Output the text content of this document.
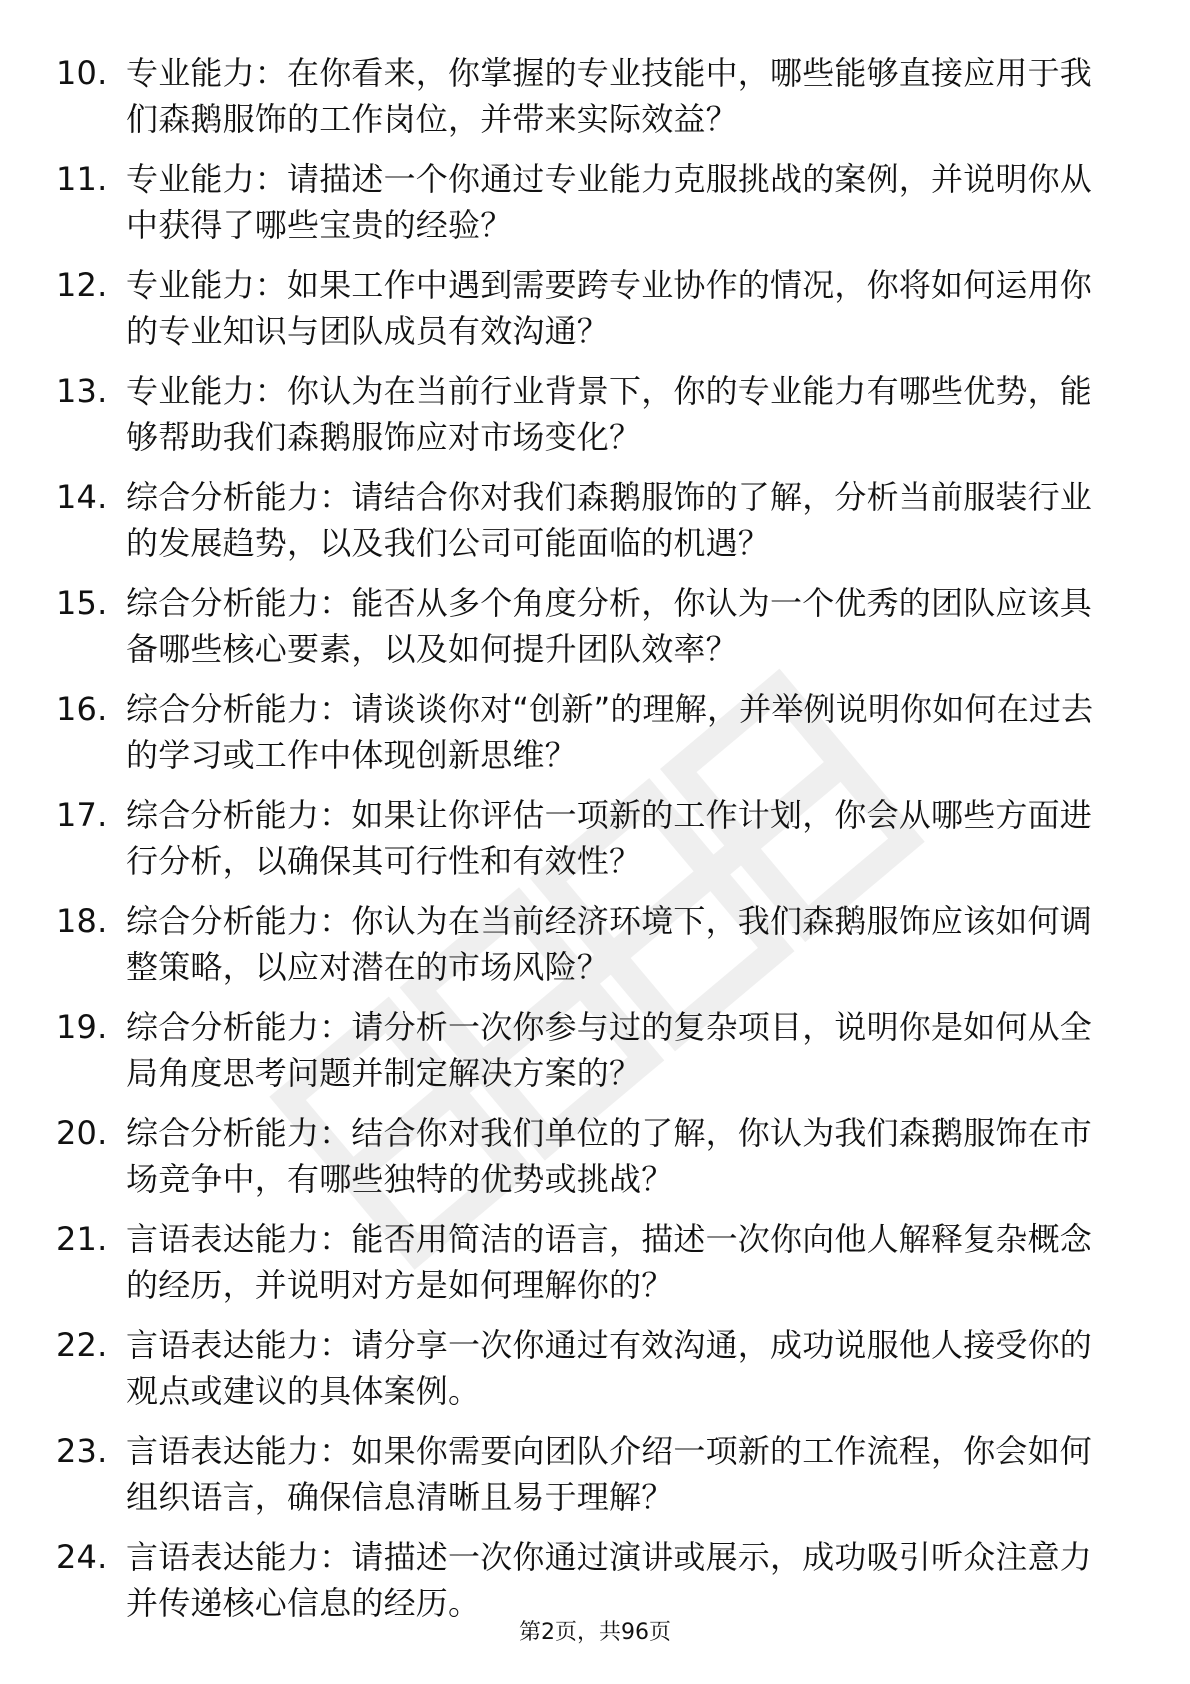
10. 专业能力：在你看来，你掌握的专业技能中，哪些能够直接应用于我们森鹅服饰的工作岗位，并带来实际效益？
11. 专业能力：请描述一个你通过专业能力克服挑战的案例，并说明你从中获得了哪些宝贵的经验？
12. 专业能力：如果工作中遇到需要跨专业协作的情况，你将如何运用你的专业知识与团队成员有效沟通？
13. 专业能力：你认为在当前行业背景下，你的专业能力有哪些优势，能够帮助我们森鹅服饰应对市场变化？
14. 综合分析能力：请结合你对我们森鹅服饰的了解，分析当前服装行业的发展趋势，以及我们公司可能面临的机遇？
15. 综合分析能力：能否从多个角度分析，你认为一个优秀的团队应该具备哪些核心要素，以及如何提升团队效率？
16. 综合分析能力：请谈谈你对“创新”的理解，并举例说明你如何在过去的学习或工作中体现创新思维？
17. 综合分析能力：如果让你评估一项新的工作计划，你会从哪些方面进行分析，以确保其可行性和有效性？
18. 综合分析能力：你认为在当前经济环境下，我们森鹅服饰应该如何调整策略，以应对潜在的市场风险？
19. 综合分析能力：请分析一次你参与过的复杂项目，说明你是如何从全局角度思考问题并制定解决方案的？
20. 综合分析能力：结合你对我们单位的了解，你认为我们森鹅服饰在市场竞争中，有哪些独特的优势或挑战？
21. 言语表达能力：能否用简洁的语言，描述一次你向他人解释复杂概念的经历，并说明对方是如何理解你的？
22. 言语表达能力：请分享一次你通过有效沟通，成功说服他人接受你的观点或建议的具体案例。
23. 言语表达能力：如果你需要向团队介绍一项新的工作流程，你会如何组织语言，确保信息清晰且易于理解？
24. 言语表达能力：请描述一次你通过演讲或展示，成功吸引听众注意力并传递核心信息的经历。
第2页，共96页
